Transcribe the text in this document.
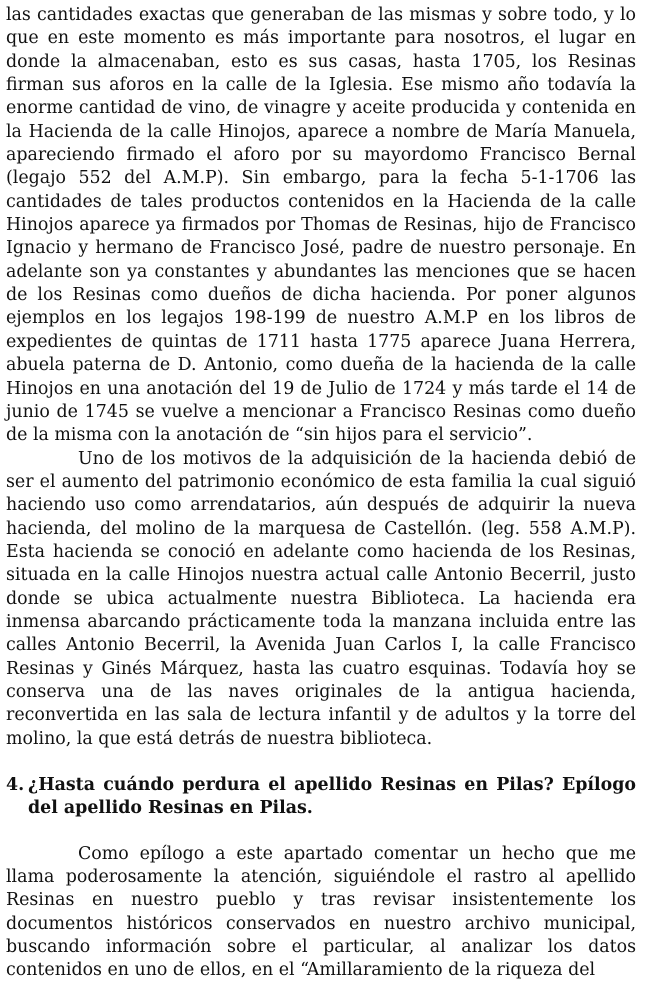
las cantidades exactas que generaban de las mismas y sobre todo, y lo que en este momento es más importante para nosotros, el lugar en donde la almacenaban, esto es sus casas, hasta 1705, los Resinas firman sus aforos en la calle de la Iglesia. Ese mismo año todavía la enorme cantidad de vino, de vinagre y aceite producida y contenida en la Hacienda de la calle Hinojos, aparece a nombre de María Manuela, apareciendo firmado el aforo por su mayordomo Francisco Bernal (legajo 552 del A.M.P). Sin embargo, para la fecha 5-1-1706 las cantidades de tales productos contenidos en la Hacienda de la calle Hinojos aparece ya firmados por Thomas de Resinas, hijo de Francisco Ignacio y hermano de Francisco José, padre de nuestro personaje. En adelante son ya constantes y abundantes las menciones que se hacen de los Resinas como dueños de dicha hacienda. Por poner algunos ejemplos en los legajos 198-199 de nuestro A.M.P en los libros de expedientes de quintas de 1711 hasta 1775 aparece Juana Herrera, abuela paterna de D. Antonio, como dueña de la hacienda de la calle Hinojos en una anotación del 19 de Julio de 1724 y más tarde el 14 de junio de 1745 se vuelve a mencionar a Francisco Resinas como dueño de la misma con la anotación de “sin hijos para el servicio”.

Uno de los motivos de la adquisición de la hacienda debió de ser el aumento del patrimonio económico de esta familia la cual siguió haciendo uso como arrendatarios, aún después de adquirir la nueva hacienda, del molino de la marquesa de Castellón. (leg. 558 A.M.P). Esta hacienda se conoció en adelante como hacienda de los Resinas, situada en la calle Hinojos nuestra actual calle Antonio Becerril, justo donde se ubica actualmente nuestra Biblioteca. La hacienda era inmensa abarcando prácticamente toda la manzana incluida entre las calles Antonio Becerril, la Avenida Juan Carlos I, la calle Francisco Resinas y Ginés Márquez, hasta las cuatro esquinas. Todavía hoy se conserva una de las naves originales de la antigua hacienda, reconvertida en las sala de lectura infantil y de adultos y la torre del molino, la que está detrás de nuestra biblioteca.

4. ¿Hasta cuándo perdura el apellido Resinas en Pilas? Epílogo del apellido Resinas en Pilas.

Como epílogo a este apartado comentar un hecho que me llama poderosamente la atención, siguiéndole el rastro al apellido Resinas en nuestro pueblo y tras revisar insistentemente los documentos históricos conservados en nuestro archivo municipal, buscando información sobre el particular, al analizar los datos contenidos en uno de ellos, en el “Amillaramiento de la riqueza del
